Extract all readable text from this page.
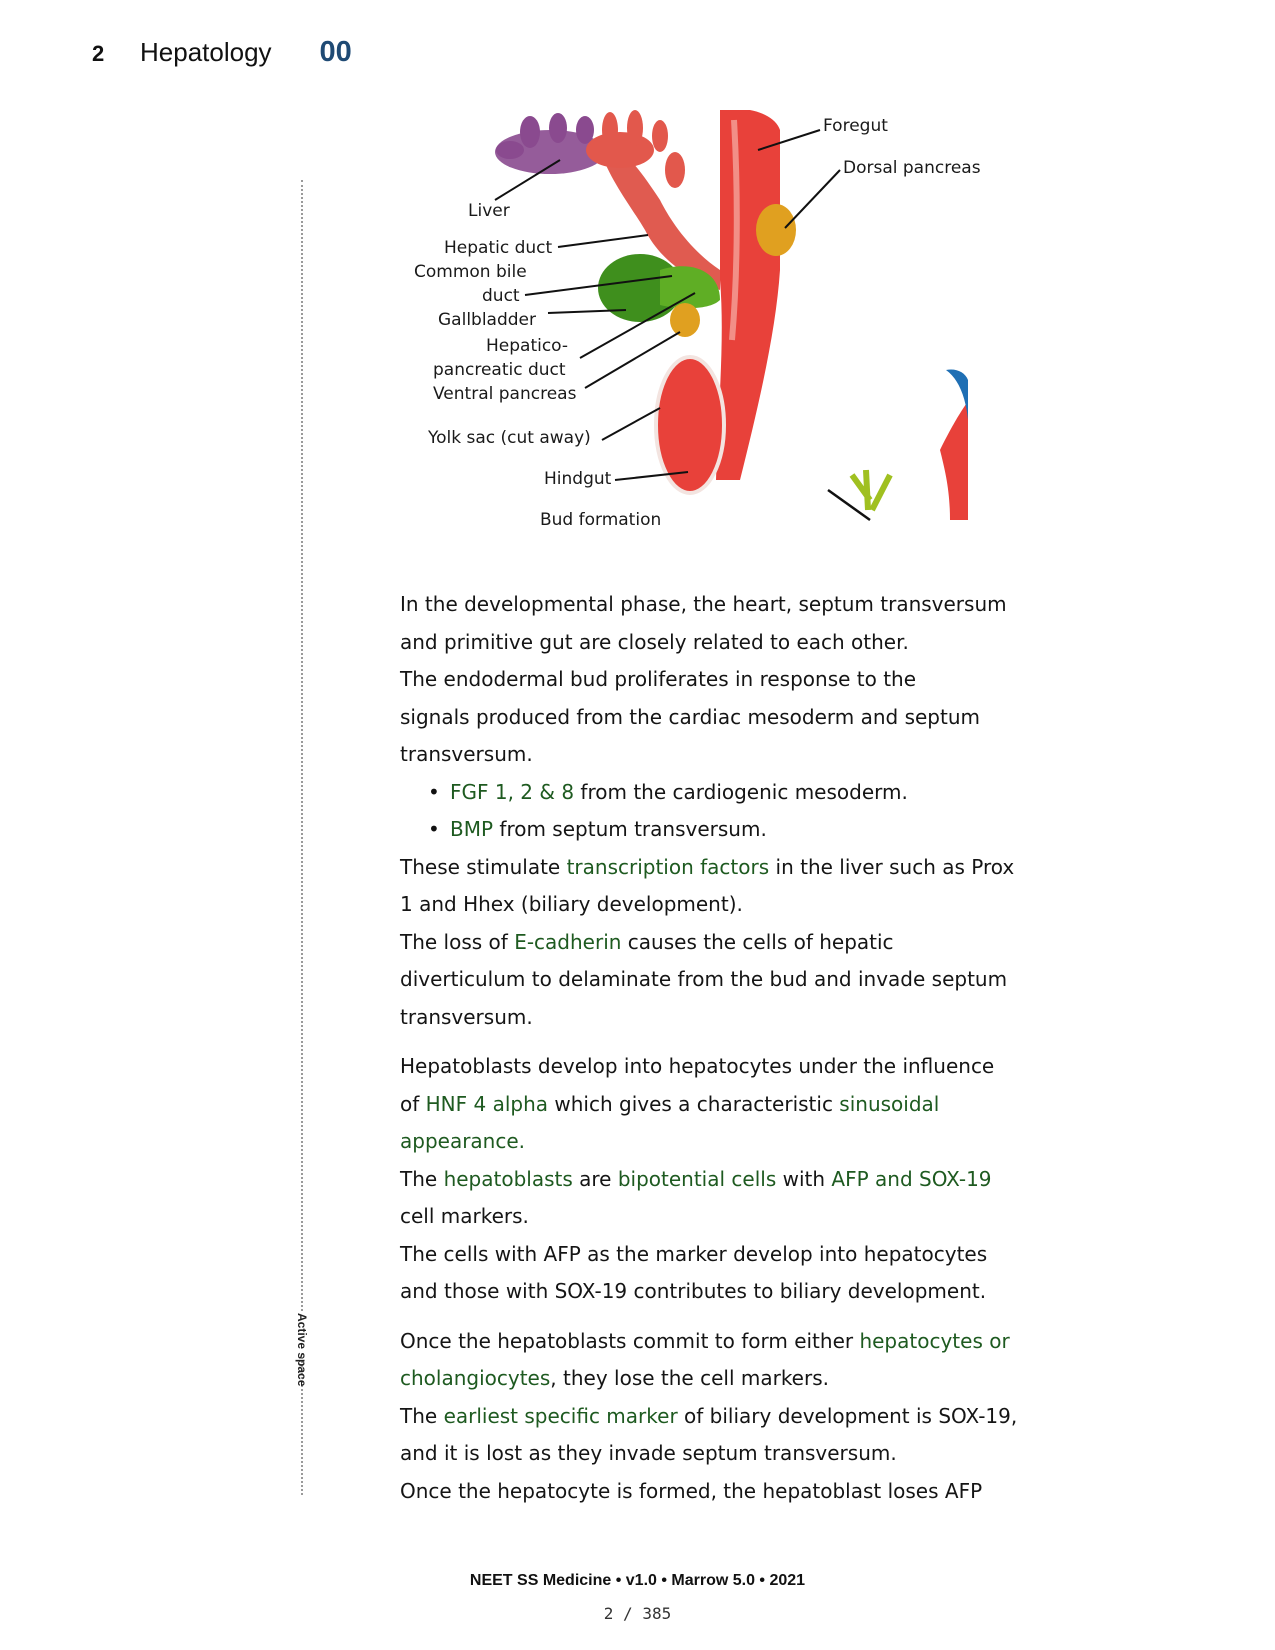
2	Hepatology 00
Active space
Foregut
Dorsal pancreas
Liver
Hepatic duct
Common bile
duct
Gallbladder
Hepatico-
pancreatic duct
Ventral pancreas
Yolk sac (cut away)
Hindgut
Bud formation
In the developmental phase, the heart, septum transversum
and primitive gut are closely related to each other.
The endodermal bud proliferates in response to the
signals produced from the cardiac mesoderm and septum
transversum.
• FGF 1, 2 & 8 from the cardiogenic mesoderm.
• BMP from septum transversum.
These stimulate transcription factors in the liver such as Prox
1 and Hhex (biliary development).
The loss of E-cadherin causes the cells of hepatic
diverticulum to delaminate from the bud and invade septum
transversum.
Hepatoblasts develop into hepatocytes under the influence
of HNF 4 alpha which gives a characteristic sinusoidal
appearance.
The hepatoblasts are bipotential cells with AFP and SOX-19
cell markers.
The cells with AFP as the marker develop into hepatocytes
and those with SOX-19 contributes to biliary development.
Once the hepatoblasts commit to form either hepatocytes or
cholangiocytes, they lose the cell markers.
The earliest specific marker of biliary development is SOX-19,
and it is lost as they invade septum transversum.
Once the hepatocyte is formed, the hepatoblast loses AFP
NEET SS Medicine • v1.0 • Marrow 5.0 • 2021
2 / 385
